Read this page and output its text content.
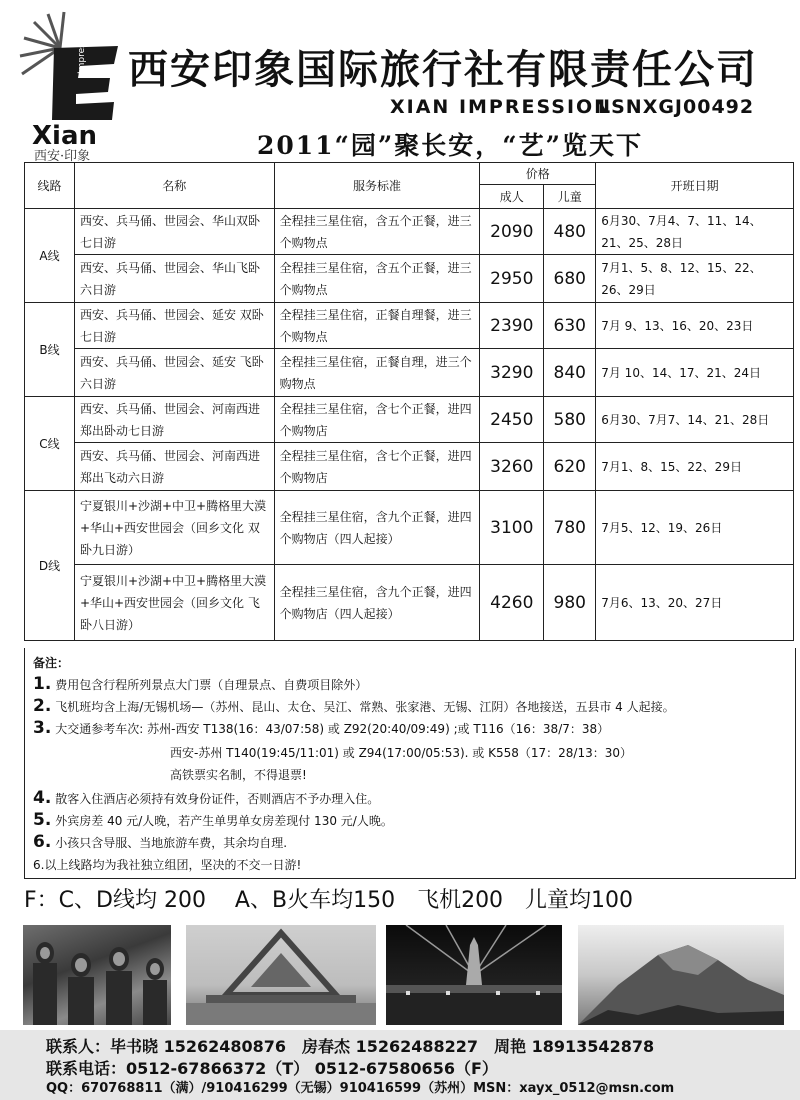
Impression
Xian
西安·印象
西安印象国际旅行社有限责任公司
XIAN IMPRESSION
LSNXGJ00492
2011“园”聚长安，“艺”览天下
线路	名称	服务标准	价格		开班日期
			成人	儿童	
A线	西安、兵马俑、世园会、华山双卧七日游	全程挂三星住宿，含五个正餐，进三个购物点	2090	480	6月30、7月4、7、11、14、21、25、28日
	西安、兵马俑、世园会、华山飞卧六日游	全程挂三星住宿，含五个正餐，进三个购物点	2950	680	7月1、5、8、12、15、22、26、29日
B线	西安、兵马俑、世园会、延安 双卧七日游	全程挂三星住宿，正餐自理餐，进三个购物点	2390	630	7月 9、13、16、20、23日
	西安、兵马俑、世园会、延安 飞卧六日游	全程挂三星住宿，正餐自理，进三个购物点	3290	840	7月 10、14、17、21、24日
C线	西安、兵马俑、世园会、河南西进郑出卧动七日游	全程挂三星住宿，含七个正餐，进四个购物店	2450	580	6月30、7月7、14、21、28日
	西安、兵马俑、世园会、河南西进郑出飞动六日游	全程挂三星住宿，含七个正餐，进四个购物店	3260	620	7月1、8、15、22、29日
D线	宁夏银川+沙湖+中卫+腾格里大漠+华山+西安世园会（回乡文化 双卧九日游）	全程挂三星住宿，含九个正餐，进四个购物店（四人起接）	3100	780	7月5、12、19、26日
	宁夏银川+沙湖+中卫+腾格里大漠+华山+西安世园会（回乡文化 飞卧八日游）	全程挂三星住宿，含九个正餐，进四个购物店（四人起接）	4260	980	7月6、13、20、27日
备注：
1. 费用包含行程所列景点大门票（自理景点、自费项目除外）
2. 飞机班均含上海/无锡机场—（苏州、昆山、太仓、吴江、常熟、张家港、无锡、江阴）各地接送，五县市 4 人起接。
3. 大交通参考车次: 苏州-西安 T138(16：43/07:58) 或 Z92(20:40/09:49) ;或 T116（16：38/7：38）
西安-苏州 T140(19:45/11:01) 或 Z94(17:00/05:53). 或 K558（17：28/13：30）
高铁票实名制，不得退票!
4. 散客入住酒店必须持有效身份证件，否则酒店不予办理入住。
5. 外宾房差 40 元/人晚，若产生单男单女房差现付 130 元/人晚。
6. 小孩只含导服、当地旅游车费，其余均自理.
6.以上线路均为我社独立组团，坚决的不交一日游!
F：C、D线均 200　 A、B火车均150　飞机200　儿童均100
联系人：毕书晓 15262480876　房春杰 15262488227　周艳 18913542878
联系电话：0512-67866372（T） 0512-67580656（F）
QQ：670768811（满）/910416299（无锡）910416599（苏州）MSN：xayx_0512@msn.com
